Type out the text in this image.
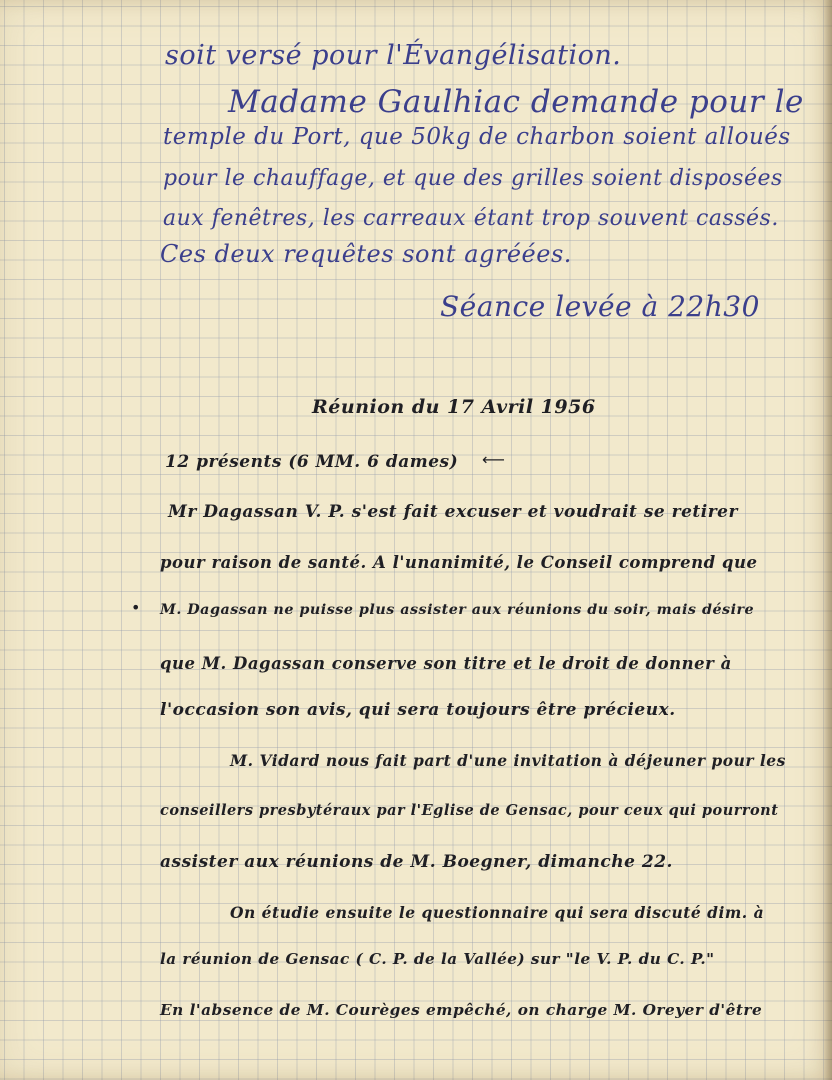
soit versé pour l'Évangélisation.
Madame Gaulhiac demande pour le
temple du Port, que 50kg de charbon soient alloués
pour le chauffage, et que des grilles soient disposées
aux fenêtres, les carreaux étant trop souvent cassés.
Ces deux requêtes sont agréées.
Séance levée à 22h30
Réunion du 17 Avril 1956
12 présents (6 MM. 6 dames) ⟵
Mr Dagassan V. P. s'est fait excuser et voudrait se retirer
pour raison de santé. A l'unanimité, le Conseil comprend que
• M. Dagassan ne puisse plus assister aux réunions du soir, mais désire
que M. Dagassan conserve son titre et le droit de donner à
l'occasion son avis, qui sera toujours être précieux.
M. Vidard nous fait part d'une invitation à déjeuner pour les
conseillers presbytéraux par l'Eglise de Gensac, pour ceux qui pourront
assister aux réunions de M. Boegner, dimanche 22.
On étudie ensuite le questionnaire qui sera discuté dim. à
la réunion de Gensac ( C. P. de la Vallée) sur "le V. P. du C. P."
En l'absence de M. Courèges empêché, on charge M. Oreyer d'être
